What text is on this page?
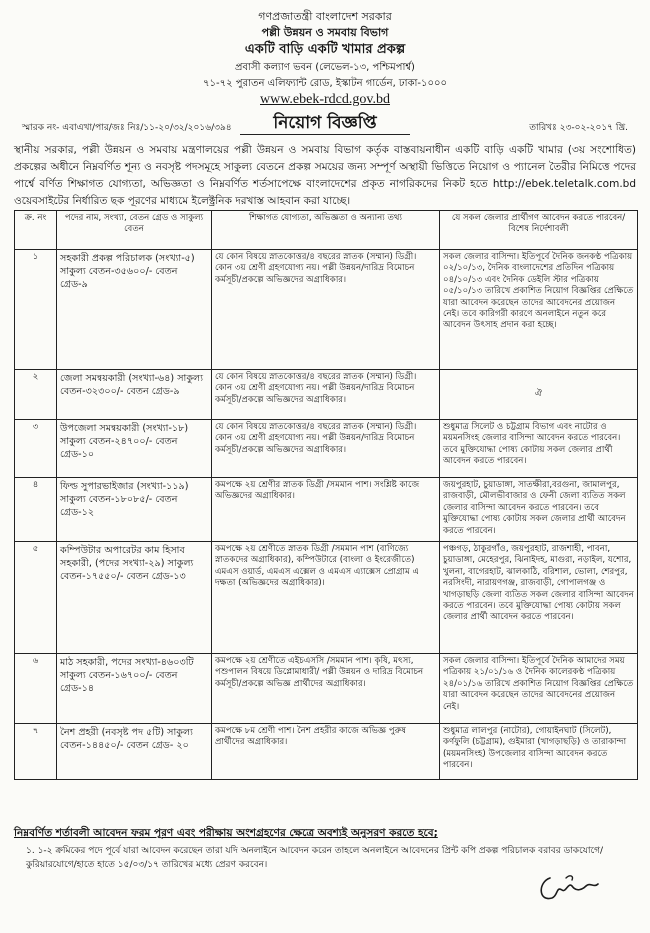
গণপ্রজাতন্ত্রী বাংলাদেশ সরকার
পল্লী উন্নয়ন ও সমবায় বিভাগ
একটি বাড়ি একটি খামার প্রকল্প
প্রবাসী কল্যাণ ভবন (লেভেল-১৩, পশ্চিমপার্শ্ব)
৭১-৭২ পুরাতন এলিফ্যান্ট রোড, ইস্কাটন গার্ডেন, ঢাকা-১০০০
www.ebek-rdcd.gov.bd
স্মারক নং- এবাএখা/পার/জঃ নিঃ/১১-২০/৩২/২০১৬/৩৯৪	নিয়োগ বিজ্ঞপ্তি	তারিখঃ ২৩-০২-২০১৭ খ্রি.
স্থানীয় সরকার, পল্লী উন্নয়ন ও সমবায় মন্ত্রণালয়ের পল্লী উন্নয়ন ও সমবায় বিভাগ কর্তৃক বাস্তবায়নাধীন একটি বাড়ি একটি খামার (৩য় সংশোধিত) প্রকল্পের অধীনে নিম্নবর্ণিত শূন্য ও নবসৃষ্ট পদসমূহে সাকুল্য বেতনে প্রকল্প সময়ের জন্য সম্পূর্ণ অস্থায়ী ভিত্তিতে নিয়োগ ও প্যানেল তৈরীর নিমিত্তে পদের পার্শ্বে বর্ণিত শিক্ষাগত যোগ্যতা, অভিজ্ঞতা ও নিম্নবর্ণিত শর্তসাপেক্ষে বাংলাদেশের প্রকৃত নাগরিকদের নিকট হতে http://ebek.teletalk.com.bd ওয়েবসাইটের নির্ধারিত ছক পূরণের মাধ্যমে ইলেক্ট্রনিক দরখাস্ত আহবান করা যাচ্ছে।
ক্র. নং	পদের নাম, সংখ্যা, বেতন গ্রেড ও সাকুল্য বেতন	শিক্ষাগত যোগ্যতা, অভিজ্ঞতা ও অন্যান্য তথ্য	যে সকল জেলার প্রার্থীগণ আবেদন করতে পারবেন/বিশেষ নির্দেশাবলী
১	সহকারী প্রকল্প পরিচালক (সংখ্যা-৫) সাকুল্য বেতন-৩৫৬০০/- বেতন গ্রেড-৯	যে কোন বিষয়ে স্নাতকোত্তর/৪ বছরের স্নাতক (সম্মান) ডিগ্রী। কোন ৩য় শ্রেণী গ্রহণযোগ্য নয়। পল্লী উন্নয়ন/দারিদ্র বিমোচন কর্মসূচী/প্রকল্পে অভিজ্ঞদের অগ্রাধিকার।	সকল জেলার বাসিন্দা। ইতিপূর্বে দৈনিক জনকণ্ঠ পত্রিকায় ০২/১০/১৩, দৈনিক বাংলাদেশের প্রতিদিন পত্রিকায় ০৪/১০/১৩ এবং দৈনিক ডেইলি স্টার পত্রিকায় ০৫/১০/১৩ তারিখে প্রকাশিত নিয়োগ বিজ্ঞপ্তির প্রেক্ষিতে যারা আবেদন করেছেন তাদের আবেদনের প্রয়োজন নেই। তবে কারিগরী কারণে অনলাইনে নতুন করে আবেদন উৎসাহ প্রদান করা হচ্ছে।
২	জেলা সমন্বয়কারী (সংখ্যা-৬৪) সাকুল্য বেতন-৩২৩০০/- বেতন গ্রেড-৯	যে কোন বিষয়ে স্নাতকোত্তর/৪ বছরের স্নাতক (সম্মান) ডিগ্রী। কোন ৩য় শ্রেণী গ্রহণযোগ্য নয়। পল্লী উন্নয়ন/দারিদ্র বিমোচন কর্মসূচী/প্রকল্পে অভিজ্ঞদের অগ্রাধিকার।	ঐ
৩	উপজেলা সমন্বয়কারী (সংখ্যা-১৮) সাকুল্য বেতন-২৪৭০০/- বেতন গ্রেড-১০	যে কোন বিষয়ে স্নাতকোত্তর/৪ বছরের স্নাতক (সম্মান) ডিগ্রী। কোন ৩য় শ্রেণী গ্রহণযোগ্য নয়। পল্লী উন্নয়ন/দারিদ্র বিমোচন কর্মসূচী/প্রকল্পে অভিজ্ঞদের অগ্রাধিকার।	শুধুমাত্র সিলেট ও চট্টগ্রাম বিভাগ এবং নাটোর ও ময়মনসিংহ জেলার বাসিন্দা আবেদন করতে পারবেন। তবে মুক্তিযোদ্ধা পোষ্য কোটায় সকল জেলার প্রার্থী আবেদন করতে পারবেন।
৪	ফিল্ড সুপারভাইজার (সংখ্যা-১১৯) সাকুল্য বেতন-১৮০৮৫/- বেতন গ্রেড-১২	কমপক্ষে ২য় শ্রেণীর স্নাতক ডিগ্রী /সমমান পাশ। সংশ্লিষ্ট কাজে অভিজ্ঞদের অগ্রাধিকার।	জয়পুরহাট, চুয়াডাঙ্গা, সাতক্ষীরা,বরগুনা, জামালপুর, রাজবাড়ী, মৌলভীবাজার ও ফেনী জেলা ব্যতিত সকল জেলার বাসিন্দা আবেদন করতে পারবেন। তবে মুক্তিযোদ্ধা পোষ্য কোটায় সকল জেলার প্রার্থী আবেদন করতে পারবেন।
৫	কম্পিউটার অপারেটর কাম হিসাব সহকারী, (পদের সংখ্যা-২৯) সাকুল্য বেতন-১৭৫৫০/- বেতন গ্রেড-১৩	কমপক্ষে ২য় শ্রেণীতে স্নাতক ডিগ্রী /সমমান পাশ (বাণিজ্যে স্নাতকদের অগ্রাধিকার), কম্পিউটারে (বাংলা ও ইংরেজীতে) এমএস ওয়ার্ড, এমএস এক্সেল ও এমএস এ্যাক্সেস প্রোগ্রাম এ দক্ষতা (অভিজ্ঞদের অগ্রাধিকার)।	পঞ্চগড়, ঠাকুরগাঁও, জয়পুরহাট, রাজশাহী, পাবনা, চুয়াডাঙ্গা, মেহেরপুর, ঝিনাইদহ, মাগুরা, নড়াইল, যশোর, খুলনা, বাগেরহাট, ঝালকাঠি, বরিশাল, ভোলা, শেরপুর, নরসিংদী, নারায়ণগঞ্জ, রাজবাড়ী, গোপালগঞ্জ ও খাগড়াছড়ি জেলা ব্যতিত সকল জেলার বাসিন্দা আবেদন করতে পারবেন। তবে মুক্তিযোদ্ধা পোষ্য কোটায় সকল জেলার প্রার্থী আবেদন করতে পারবেন।
৬	মাঠ সহকারী, পদের সংখ্যা-৪৬০৩টি সাকুল্য বেতন-১৬৭০০/- বেতন গ্রেড-১৪	কমপক্ষে ২য় শ্রেণীতে এইচএসসি /সমমান পাশ। কৃষি, মৎস্য, পশুপালন বিষয়ে ডিপ্লোমাধারী/ পল্লী উন্নয়ন ও দারিদ্র বিমোচন কর্মসূচী/প্রকল্পে অভিজ্ঞ প্রার্থীদের অগ্রাধিকার।	সকল জেলার বাসিন্দা। ইতিপূর্বে দৈনিক আমাদের সময় পত্রিকায় ২১/০১/১৬ ও দৈনিক কালেরকণ্ঠ পত্রিকায় ২৪/০১/১৬ তারিখে প্রকাশিত নিয়োগ বিজ্ঞপ্তির প্রেক্ষিতে যারা আবেদন করেছেন তাদের আবেদনের প্রয়োজন নেই।
৭	নৈশ প্রহরী (নবসৃষ্ট পদ ৫টি) সাকুল্য বেতন-১৪৪৫০/- বেতন গ্রেড- ২০	কমপক্ষে ৮ম শ্রেণী পাশ। নৈশ প্রহরীর কাজে অভিজ্ঞ পুরুষ প্রার্থীদের অগ্রাধিকার।	শুধুমাত্র লালপুর (নাটোর), গোয়াইনঘাট (সিলেট), কর্ণফুলি (চট্টগ্রাম), গুইমারা (খাগড়াছড়ি) ও তারাকান্দা (ময়মনসিংহ) উপজেলার বাসিন্দা আবেদন করতে পারবেন।
নিম্নবর্ণিত শর্তাবলী আবেদন ফরম পূরণ এবং পরীক্ষায় অংশগ্রহণের ক্ষেত্রে অবশ্যই অনুসরণ করতে হবে;
১. ১-২ ক্রমিকের পদে পূর্বে যারা আবেদন করেছেন তারা যদি অনলাইনে আবেদন করেন তাহলে অনলাইনে আবেদনের প্রিন্ট কপি প্রকল্প পরিচালক বরাবর ডাকযোগে/কুরিয়ারযোগে/হাতে হাতে ১৫/০৩/১৭ তারিখের মধ্যে প্রেরণ করবেন।
